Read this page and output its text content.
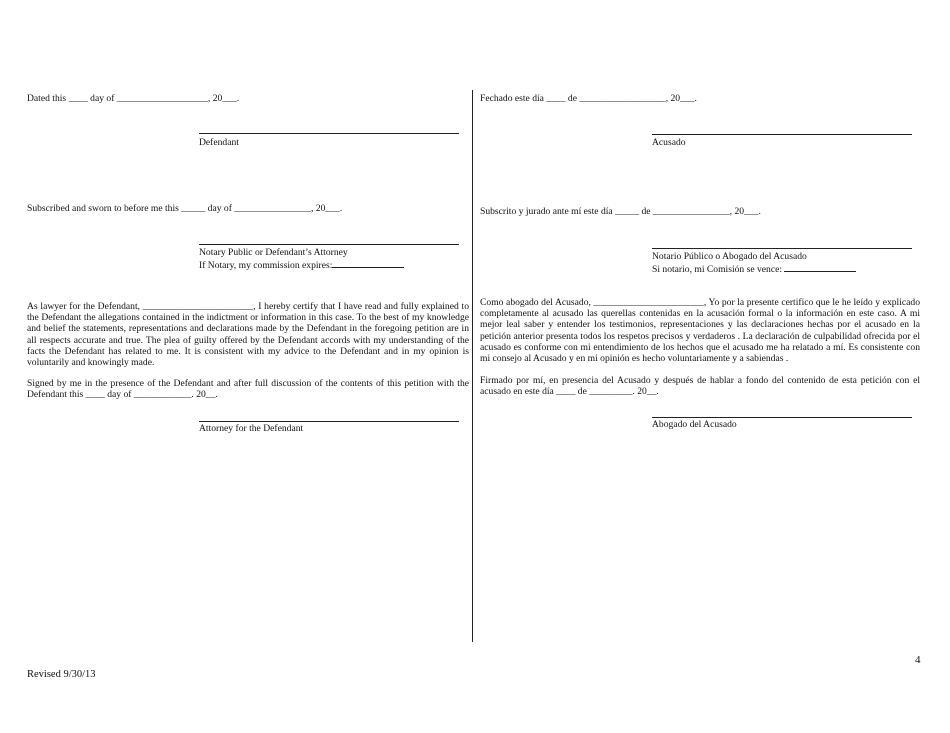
Dated this ____ day of ___________________, 20___.
Defendant
Subscribed and sworn to before me this _____ day of ________________, 20___.
Notary Public or Defendant’s Attorney
If Notary, my commission expires:
As lawyer for the Defendant, _______________________, I hereby certify that I have read and fully explained to the Defendant the allegations contained in the indictment or information in this case. To the best of my knowledge and belief the statements, representations and declarations made by the Defendant in the foregoing petition are in all respects accurate and true. The plea of guilty offered by the Defendant accords with my understanding of the facts the Defendant has related to me. It is consistent with my advice to the Defendant and in my opinion is voluntarily and knowingly made.
Signed by me in the presence of the Defendant and after full discussion of the contents of this petition with the Defendant this ____ day of ____________. 20__.
Attorney for the Defendant
Fechado este día ____ de __________________, 20___.
Acusado
Subscrito y jurado ante mí este día _____ de ________________, 20___.
Notario Público o Abogado del Acusado
Si notario, mi Comisión se vence:
Como abogado del Acusado, _______________________, Yo por la presente certifico que le he leído y explicado completamente al acusado las querellas contenidas en la acusación formal o la información en este caso. A mi mejor leal saber y entender los testimonios, representaciones y las declaraciones hechas por el acusado en la petición anterior presenta todos los respetos precisos y verdaderos . La declaración de culpabilidad ofrecida por el acusado es conforme con mi entendimiento de los hechos que el acusado me ha relatado a mí. Es consistente con mi consejo al Acusado y en mi opinión es hecho voluntariamente y a sabiendas .
Firmado por mí, en presencia del Acusado y después de hablar a fondo del contenido de esta petición con el acusado en este día ____ de _________. 20__.
Abogado del Acusado
4
Revised 9/30/13
